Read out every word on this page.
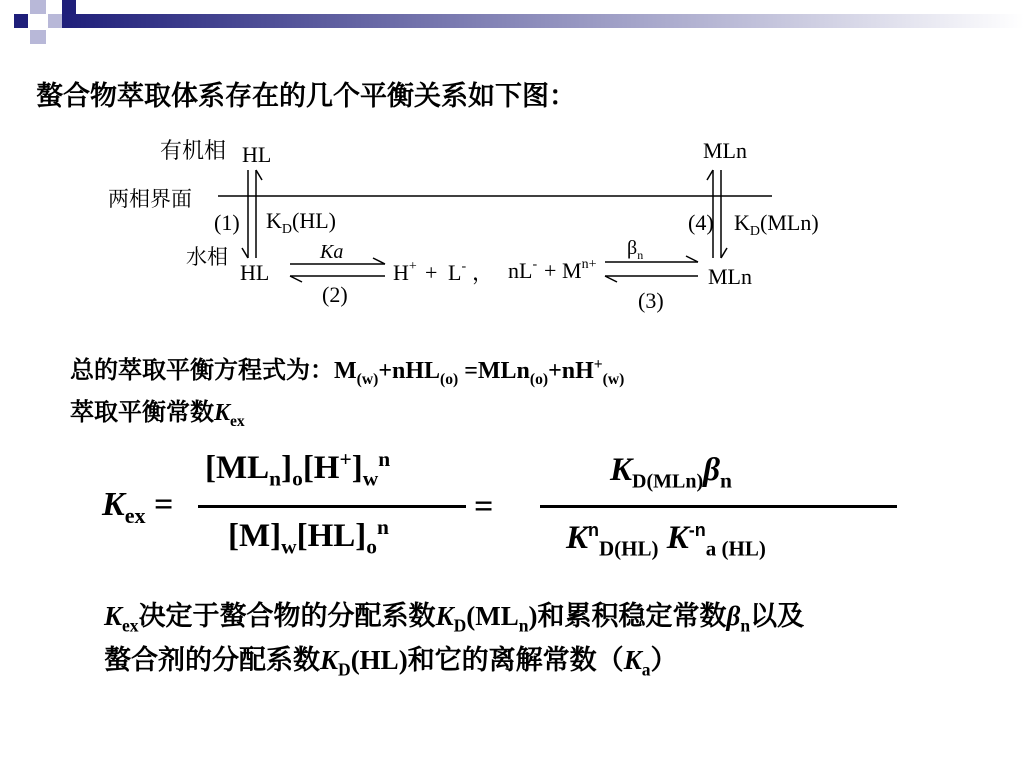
螯合物萃取体系存在的几个平衡关系如下图：
有机相
两相界面
水相
HL
(1) $K_D(HL)$
HL
Ka
(2)
H+ + L- ， $nL^- + M^{n+}$
$\beta_n$
(3)
MLn
(4) $K_D(MLn)$
MLn
总的萃取平衡方程式为：$M_{(w)}+nHL_{(o)} =MLn_{(o)}+nH^+_{(w)}$
萃取平衡常数$K_{ex}$
$K_{ex}$ =
$[ML_n]_o[H^+]_w^n$
$[M]_w[HL]_o^n$
=
$K_{D(MLn)}\beta_n$
$K^n_{D(HL)}$ $K^{-n}_{a (HL)}$
$K_{ex}$决定于螯合物的分配系数$K_D(ML_n)$和累积稳定常数$\beta_n$以及
螯合剂的分配系数$K_D(HL)$和它的离解常数$(K_a)$
